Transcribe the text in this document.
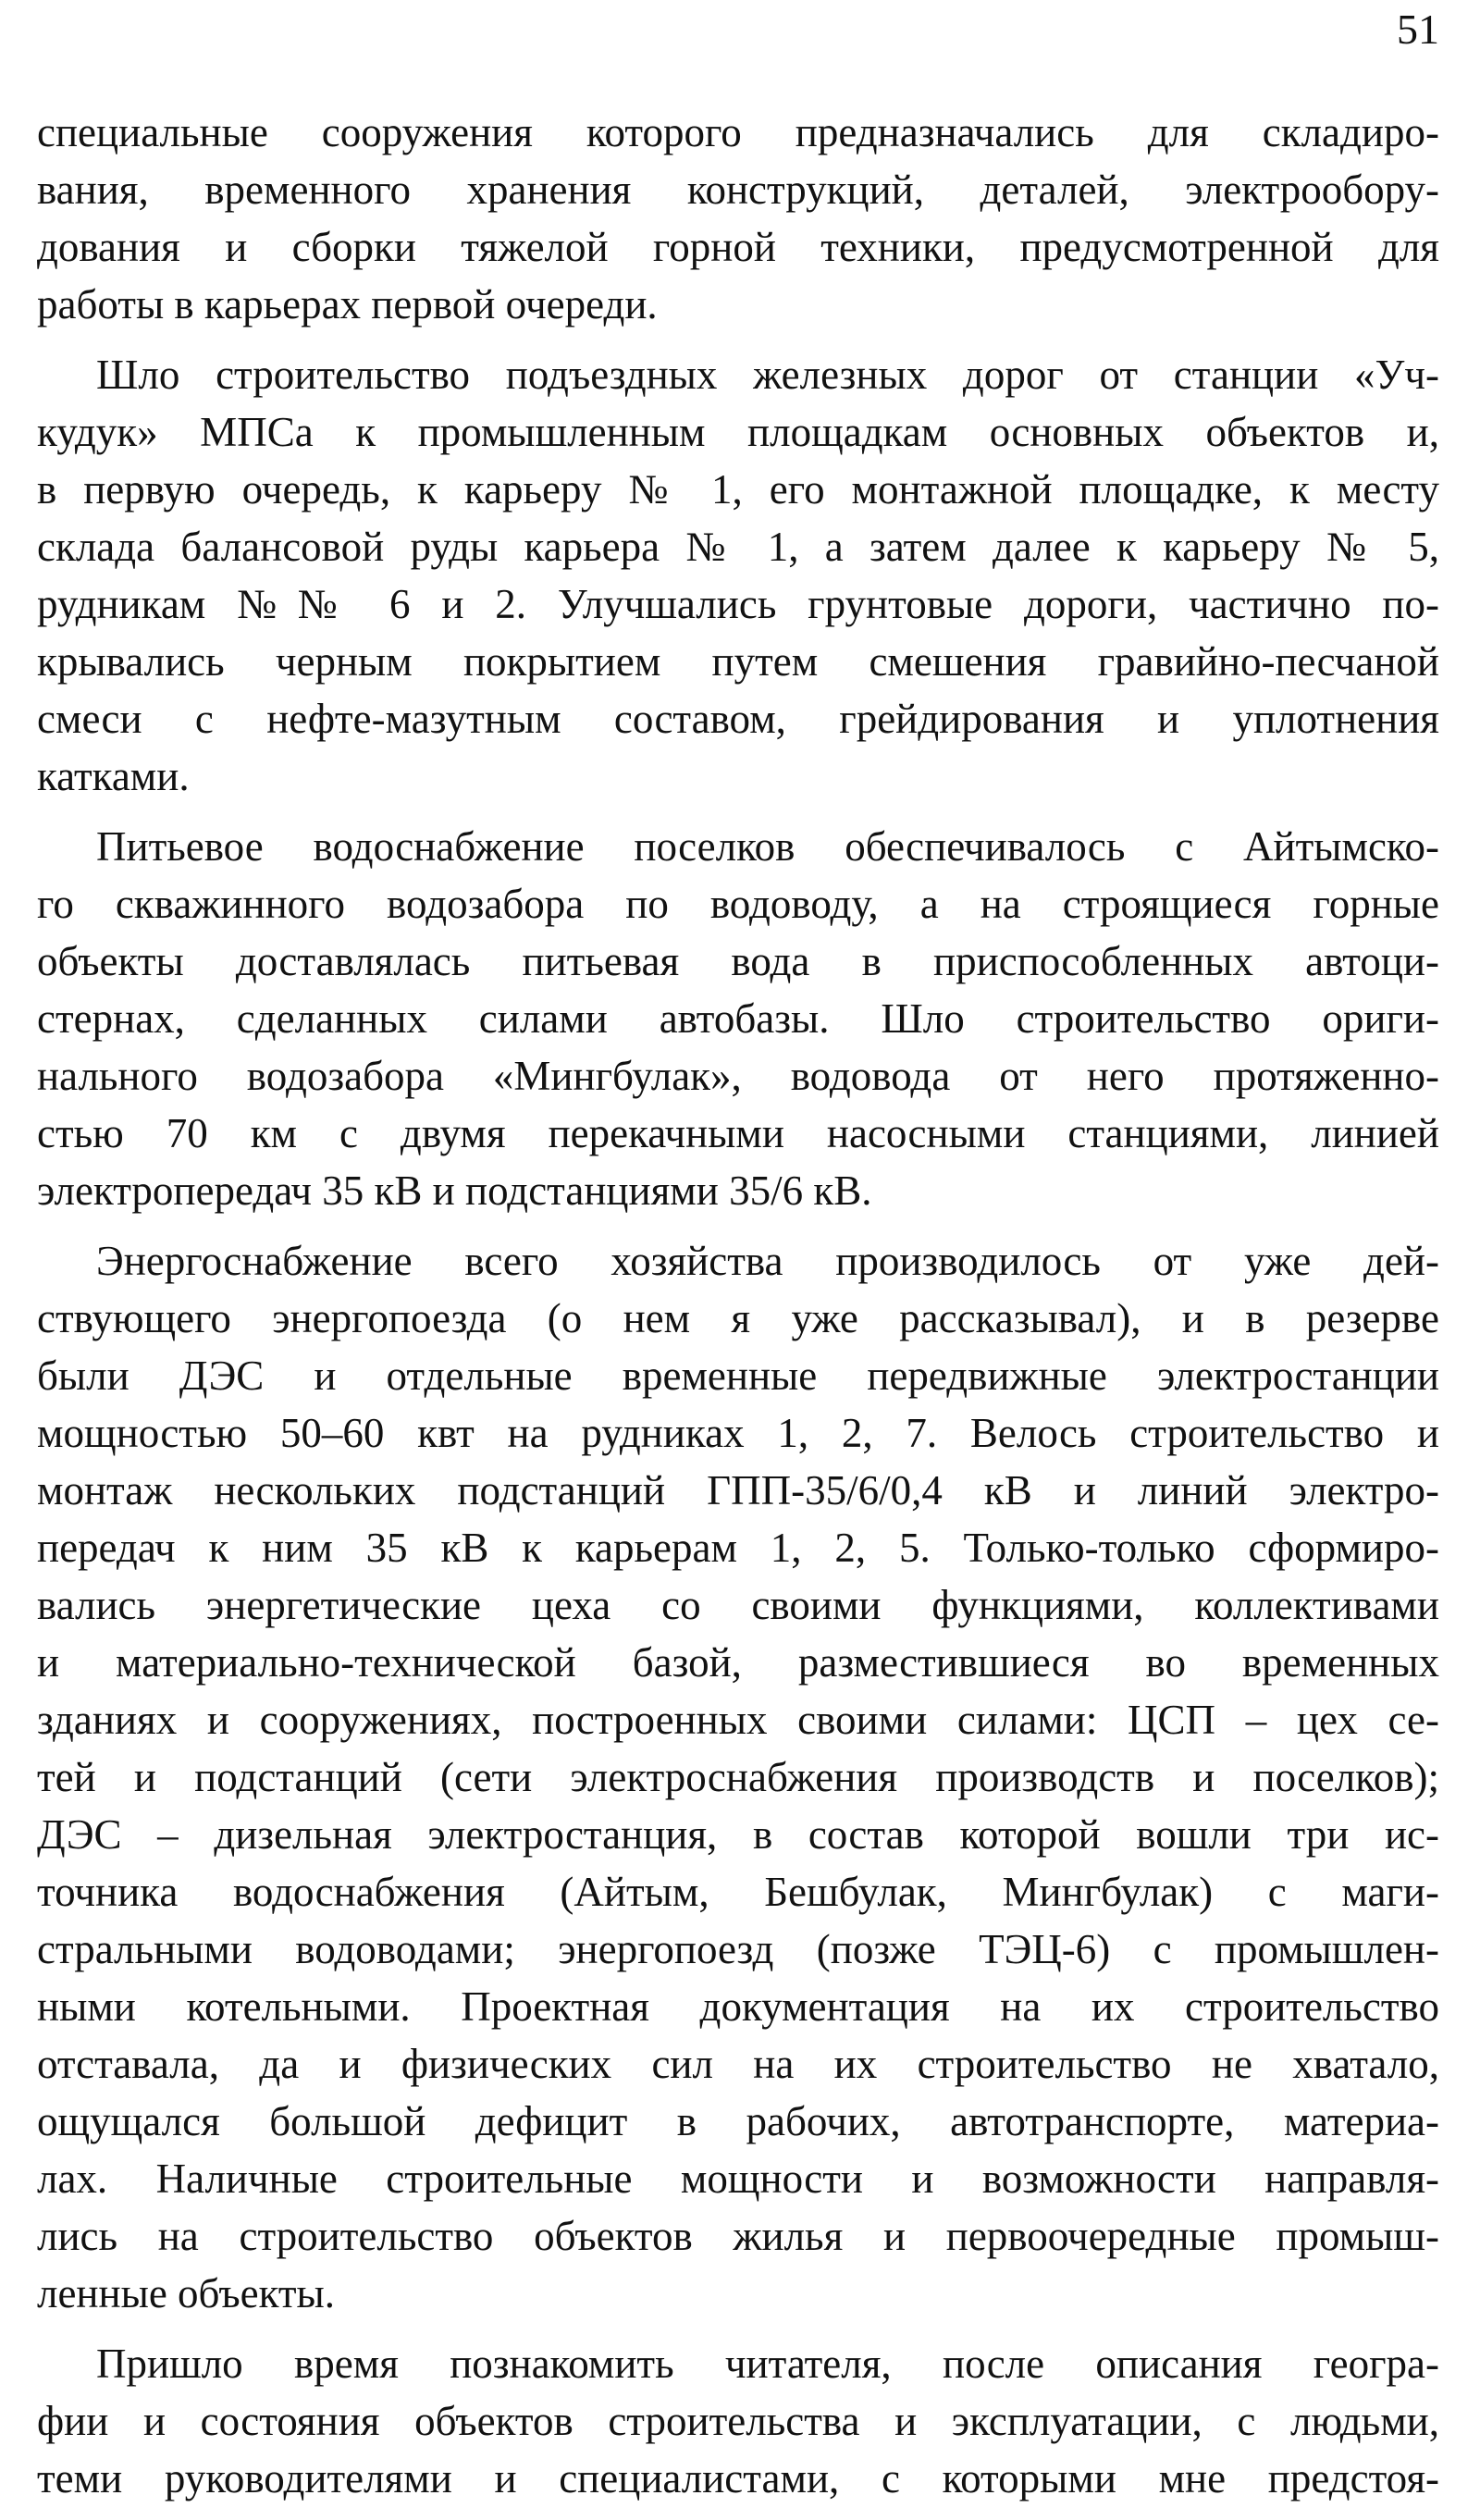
51

специальные сооружения которого предназначались для складиро-
вания, временного хранения конструкций, деталей, электрообору-
дования и сборки тяжелой горной техники, предусмотренной для
работы в карьерах первой очереди.

Шло строительство подъездных железных дорог от станции «Уч-
кудук» МПСа к промышленным площадкам основных объектов и,
в первую очередь, к карьеру № 1, его монтажной площадке, к месту
склада балансовой руды карьера № 1, а затем далее к карьеру № 5,
рудникам №№ 6 и 2. Улучшались грунтовые дороги, частично по-
крывались черным покрытием путем смешения гравийно-песчаной
смеси с нефте-мазутным составом, грейдирования и уплотнения
катками.

Питьевое водоснабжение поселков обеспечивалось с Айтымско-
го скважинного водозабора по водоводу, а на строящиеся горные
объекты доставлялась питьевая вода в приспособленных автоци-
стернах, сделанных силами автобазы. Шло строительство ориги-
нального водозабора «Мингбулак», водовода от него протяженно-
стью 70 км с двумя перекачными насосными станциями, линией
электропередач 35 кВ и подстанциями 35/6 кВ.

Энергоснабжение всего хозяйства производилось от уже дей-
ствующего энергопоезда (о нем я уже рассказывал), и в резерве
были ДЭС и отдельные временные передвижные электростанции
мощностью 50–60 квт на рудниках 1, 2, 7. Велось строительство и
монтаж нескольких подстанций ГПП-35/6/0,4 кВ и линий электро-
передач к ним 35 кВ к карьерам 1, 2, 5. Только-только сформиро-
вались энергетические цеха со своими функциями, коллективами
и материально-технической базой, разместившиеся во временных
зданиях и сооружениях, построенных своими силами: ЦСП – цех се-
тей и подстанций (сети электроснабжения производств и поселков);
ДЭС – дизельная электростанция, в состав которой вошли три ис-
точника водоснабжения (Айтым, Бешбулак, Мингбулак) с маги-
стральными водоводами; энергопоезд (позже ТЭЦ-6) с промышлен-
ными котельными. Проектная документация на их строительство
отставала, да и физических сил на их строительство не хватало,
ощущался большой дефицит в рабочих, автотранспорте, материа-
лах. Наличные строительные мощности и возможности направля-
лись на строительство объектов жилья и первоочередные промыш-
ленные объекты.

Пришло время познакомить читателя, после описания геогра-
фии и состояния объектов строительства и эксплуатации, с людьми,
теми руководителями и специалистами, с которыми мне предстоя-
